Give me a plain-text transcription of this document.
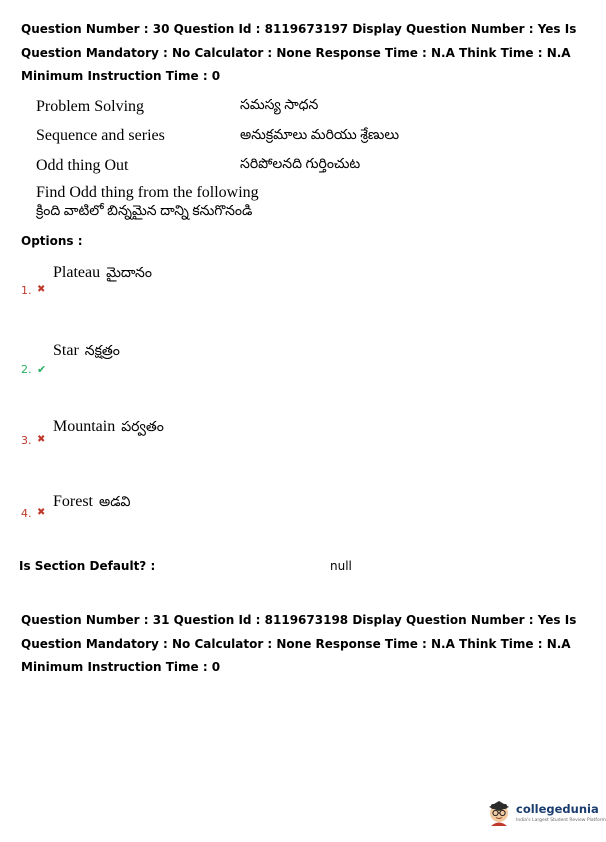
Question Number : 30 Question Id : 8119673197 Display Question Number : Yes Is Question Mandatory : No Calculator : None Response Time : N.A Think Time : N.A Minimum Instruction Time : 0
Problem Solving	సమస్య సాధన
Sequence and series	అనుక్రమాలు మరియు శ్రేణులు
Odd thing Out	సరిపోలనది గుర్తించుట
Find Odd thing from the following
క్రింది వాటిలో బిన్నమైన దాన్ని కనుగొనండి
Options :
Plateau మైదానం
1. ✖
Star నక్షత్రం
2. ✔
Mountain పర్వతం
3. ✖
Forest అడవి
4. ✖
Is Section Default? :	null
Question Number : 31 Question Id : 8119673198 Display Question Number : Yes Is Question Mandatory : No Calculator : None Response Time : N.A Think Time : N.A Minimum Instruction Time : 0
collegedunia
India's Largest Student Review Platform
